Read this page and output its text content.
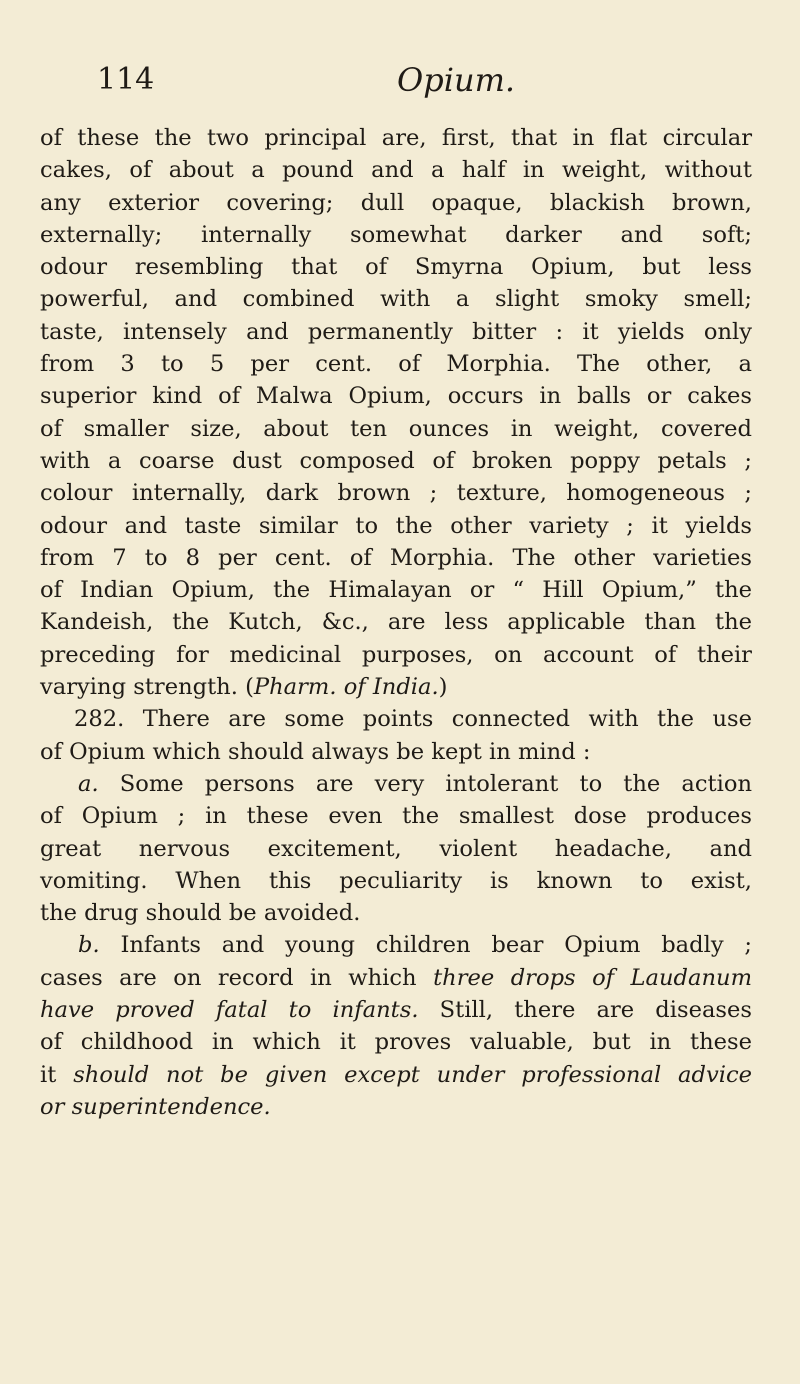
114	Opium.
of these the two principal are, first, that in flat circular
cakes, of about a pound and a half in weight, without
any exterior covering; dull opaque, blackish brown,
externally; internally somewhat darker and soft;
odour resembling that of Smyrna Opium, but less
powerful, and combined with a slight smoky smell;
taste, intensely and permanently bitter : it yields only
from 3 to 5 per cent. of Morphia. The other, a
superior kind of Malwa Opium, occurs in balls or cakes
of smaller size, about ten ounces in weight, covered
with a coarse dust composed of broken poppy petals ;
colour internally, dark brown ; texture, homogeneous ;
odour and taste similar to the other variety ; it yields
from 7 to 8 per cent. of Morphia. The other varieties
of Indian Opium, the Himalayan or “ Hill Opium,” the
Kandeish, the Kutch, &c., are less applicable than the
preceding for medicinal purposes, on account of their
varying strength. (Pharm. of India.)
282. There are some points connected with the use
of Opium which should always be kept in mind :
a. Some persons are very intolerant to the action
of Opium ; in these even the smallest dose produces
great nervous excitement, violent headache, and
vomiting. When this peculiarity is known to exist,
the drug should be avoided.
b. Infants and young children bear Opium badly ;
cases are on record in which three drops of Laudanum
have proved fatal to infants. Still, there are diseases
of childhood in which it proves valuable, but in these
it should not be given except under professional advice
or superintendence.
